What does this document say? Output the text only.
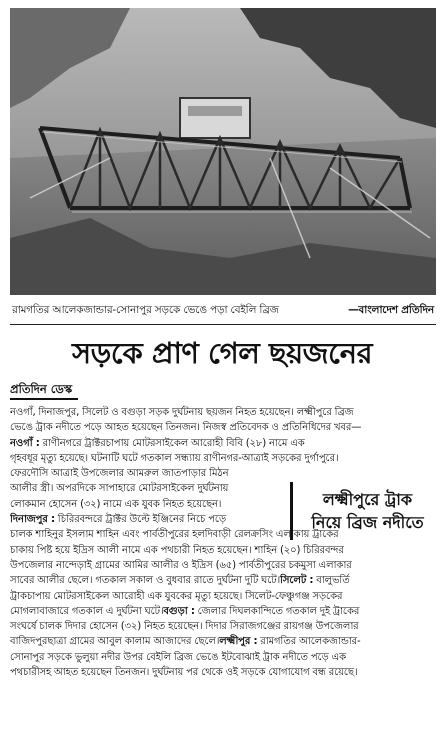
রামগতির আলেকজান্ডার-সোনাপুর সড়কে ভেঙে পড়া বেইলি ব্রিজ	—বাংলাদেশ প্রতিদিন
সড়কে প্রাণ গেল ছয়জনের
প্রতিদিন ডেস্ক
নওগাঁ, দিনাজপুর, সিলেট ও বগুড়া সড়ক দুর্ঘটনায় ছয়জন নিহত হয়েছেন। লক্ষ্মীপুরে ব্রিজ
ভেঙে ট্রাক নদীতে পড়ে আহত হয়েছেন তিনজন। নিজস্ব প্রতিবেদক ও প্রতিনিধিদের খবর—
নওগাঁ : রাণীনগরে ট্রাক্টরচাপায় মোটরসাইকেল আরোহী বিবি (২৮) নামে এক
গৃহবধূর মৃত্যু হয়েছে। ঘটনাটি ঘটে গতকাল সন্ধ্যায় রাণীনগর-আত্রাই সড়কের দুর্গাপুরে।
ফেরদৌসি আত্রাই উপজেলার আমরুল জাতপাড়ার মিঠন
আলীর স্ত্রী। অপরদিকে সাপাহারে মোটরসাইকেল দুর্ঘটনায়
লোকমান হোসেন (৩২) নামে এক যুবক নিহত হয়েছেন।
দিনাজপুর : চিরিরবন্দরে ট্রাক্টর উল্টে ইঞ্জিনের নিচে পড়ে
চালক শাহিনুর ইসলাম শাহিন এবং পার্বতীপুরের হলদিবাড়ী রেলক্রসিং এলাকায় ট্রাকের
চাকায় পিষ্ট হয়ে ইদ্রিস আলী নামে এক পথচারী নিহত হয়েছেন। শাহিন (২০) চিরিরবন্দর
উপজেলার নান্দেড়াই গ্রামের আমির আলীর ও ইদ্রিস (৬৫) পার্বতীপুরের চকমুসা এলাকার
সাবের আলীর ছেলে। গতকাল সকাল ও বুধবার রাতে দুর্ঘটনা দুটি ঘটে।সিলেট : বালুভর্তি
ট্রাকচাপায় মোটরসাইকেল আরোহী এক যুবকের মৃত্যু হয়েছে। সিলেট-ফেঞ্চুগঞ্জ সড়কের
মোগলাবাজারে গতকাল এ দুর্ঘটনা ঘটে।বগুড়া : জেলার দিঘলকান্দিতে গতকাল দুই ট্রাকের
সংঘর্ষে চালক দিদার হোসেন (৩২) নিহত হয়েছেন। দিদার সিরাজগঞ্জের রায়গঞ্জ উপজেলার
বাজিদপুরছাত্রা গ্রামের আবুল কালাম আজাদের ছেলে।লক্ষ্মীপুর : রামগতির আলেকজান্ডার-
সোনাপুর সড়কে ভুলুয়া নদীর উপর বেইলি ব্রিজ ভেঙে ইটবোঝাই ট্রাক নদীতে পড়ে এক
পথচারীসহ আহত হয়েছেন তিনজন। দুর্ঘটনায় পর থেকে ওই সড়কে যোগাযোগ বন্ধ রয়েছে।
লক্ষ্মীপুরে ট্রাক
নিয়ে ব্রিজ নদীতে
